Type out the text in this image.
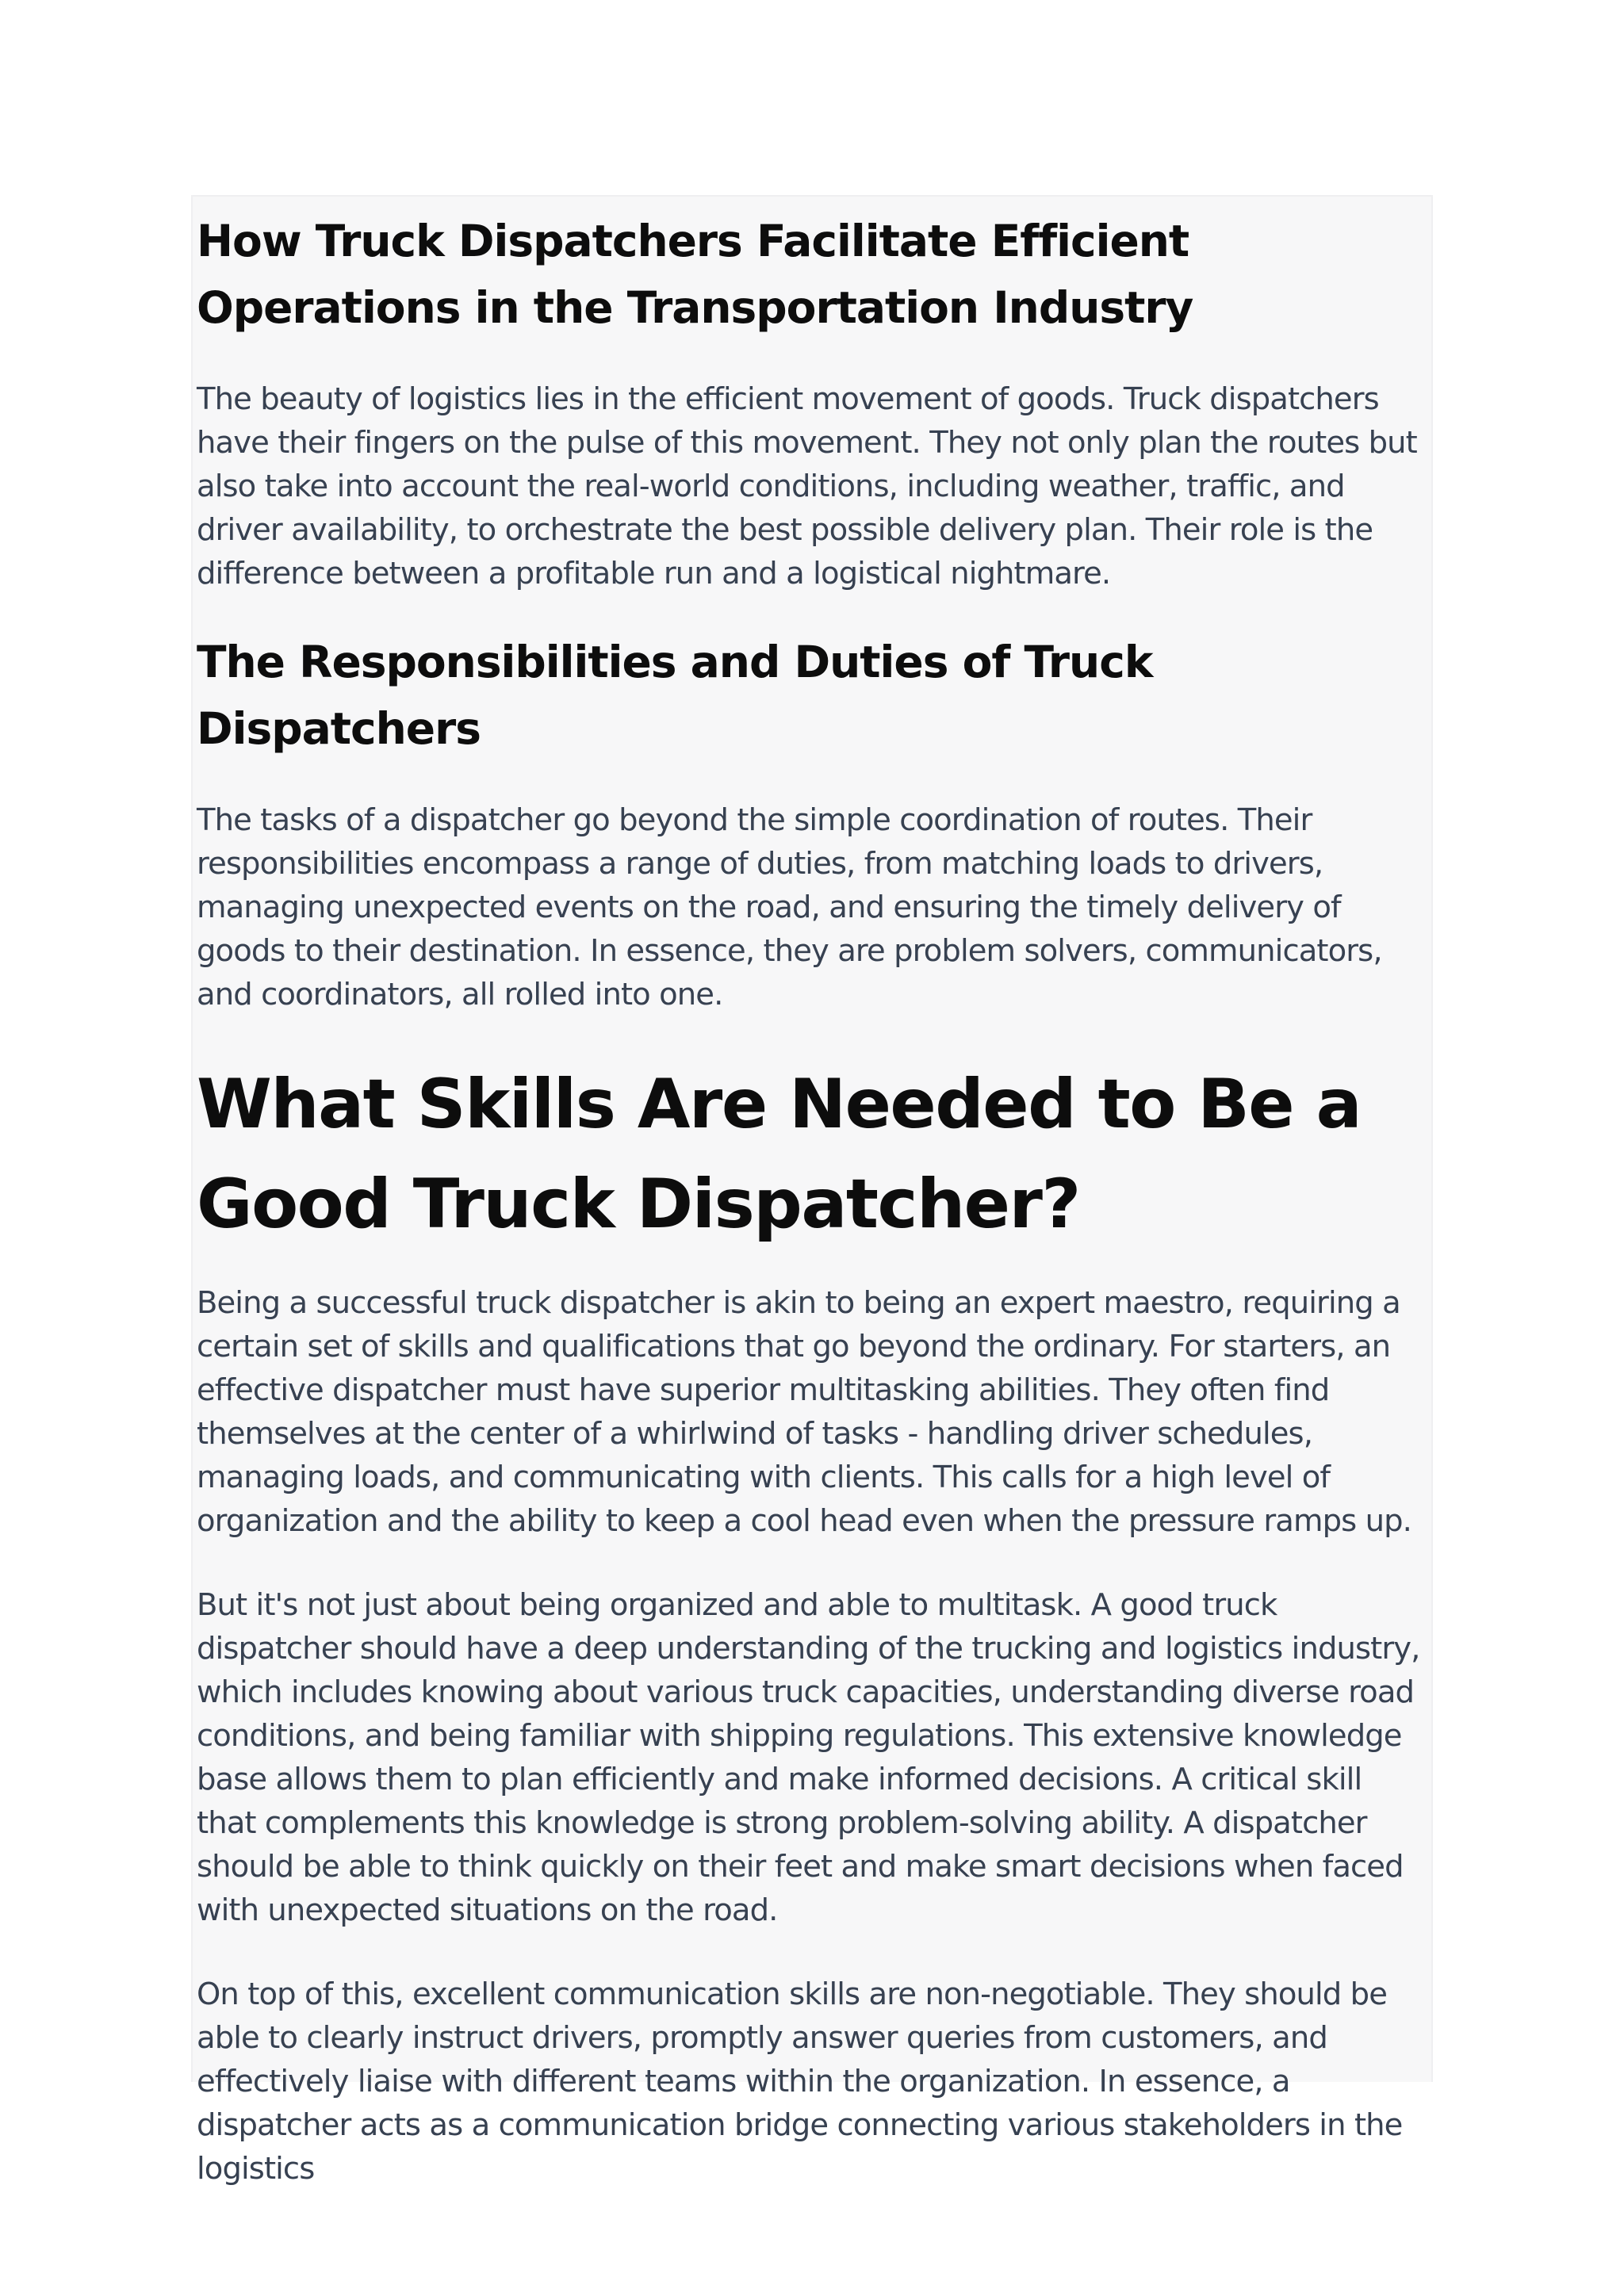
How Truck Dispatchers Facilitate Efficient Operations in the Transportation Industry

The beauty of logistics lies in the efficient movement of goods. Truck dispatchers have their fingers on the pulse of this movement. They not only plan the routes but also take into account the real-world conditions, including weather, traffic, and driver availability, to orchestrate the best possible delivery plan. Their role is the difference between a profitable run and a logistical nightmare.

The Responsibilities and Duties of Truck Dispatchers

The tasks of a dispatcher go beyond the simple coordination of routes. Their responsibilities encompass a range of duties, from matching loads to drivers, managing unexpected events on the road, and ensuring the timely delivery of goods to their destination. In essence, they are problem solvers, communicators, and coordinators, all rolled into one.

What Skills Are Needed to Be a Good Truck Dispatcher?

Being a successful truck dispatcher is akin to being an expert maestro, requiring a certain set of skills and qualifications that go beyond the ordinary. For starters, an effective dispatcher must have superior multitasking abilities. They often find themselves at the center of a whirlwind of tasks - handling driver schedules, managing loads, and communicating with clients. This calls for a high level of organization and the ability to keep a cool head even when the pressure ramps up.

But it's not just about being organized and able to multitask. A good truck dispatcher should have a deep understanding of the trucking and logistics industry, which includes knowing about various truck capacities, understanding diverse road conditions, and being familiar with shipping regulations. This extensive knowledge base allows them to plan efficiently and make informed decisions. A critical skill that complements this knowledge is strong problem-solving ability. A dispatcher should be able to think quickly on their feet and make smart decisions when faced with unexpected situations on the road.

On top of this, excellent communication skills are non-negotiable. They should be able to clearly instruct drivers, promptly answer queries from customers, and effectively liaise with different teams within the organization. In essence, a dispatcher acts as a communication bridge connecting various stakeholders in the logistics
